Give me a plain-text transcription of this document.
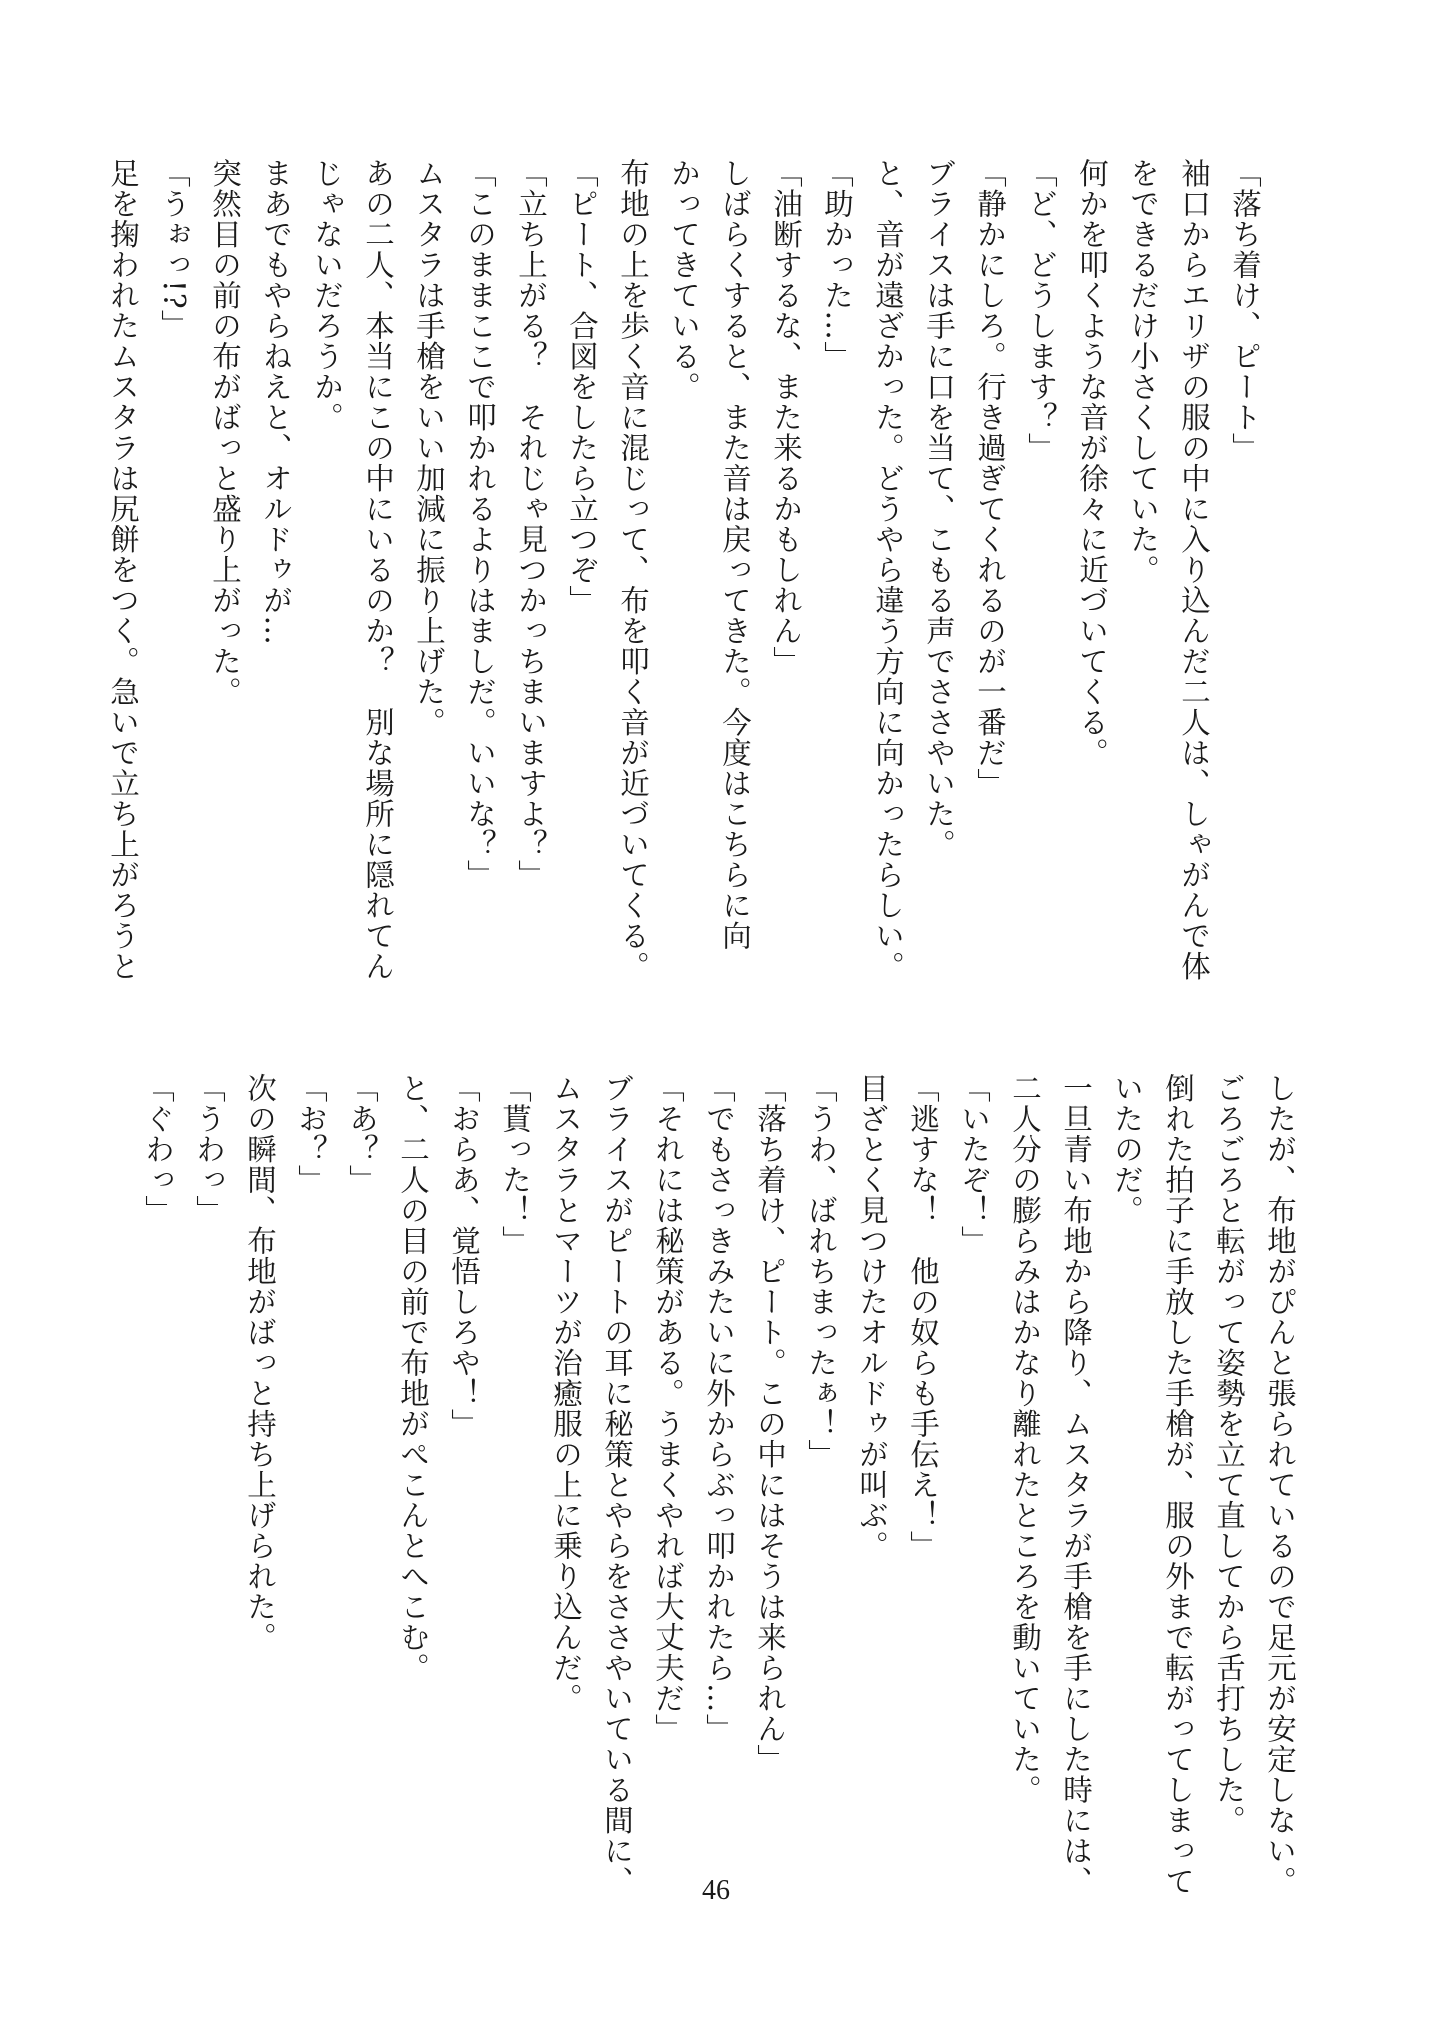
「落ち着け、ピート」

袖口からエリザの服の中に入り込んだ二人は、しゃがんで体

をできるだけ小さくしていた。

何かを叩くような音が徐々に近づいてくる。

「ど、どうします？」

「静かにしろ。行き過ぎてくれるのが一番だ」

ブライスは手に口を当て、こもる声でささやいた。

と、音が遠ざかった。どうやら違う方向に向かったらしい。

「助かった…」

「油断するな、また来るかもしれん」

しばらくすると、また音は戻ってきた。今度はこちらに向

かってきている。

布地の上を歩く音に混じって、布を叩く音が近づいてくる。

「ピート、合図をしたら立つぞ」

「立ち上がる？　それじゃ見つかっちまいますよ？」

「このままここで叩かれるよりはましだ。いいな？」

ムスタラは手槍をいい加減に振り上げた。

あの二人、本当にこの中にいるのか？　別な場所に隠れてん

じゃないだろうか。

まあでもやらねえと、オルドゥが…

突然目の前の布がばっと盛り上がった。

「うぉっ!?」

足を掬われたムスタラは尻餅をつく。急いで立ち上がろうと

したが、布地がぴんと張られているので足元が安定しない。

ごろごろと転がって姿勢を立て直してから舌打ちした。

倒れた拍子に手放した手槍が、服の外まで転がってしまって

いたのだ。

一旦青い布地から降り、ムスタラが手槍を手にした時には、

二人分の膨らみはかなり離れたところを動いていた。

「いたぞ！」

「逃すな！　他の奴らも手伝え！」

目ざとく見つけたオルドゥが叫ぶ。

「うわ、ばれちまったぁ！」

「落ち着け、ピート。この中にはそうは来られん」

「でもさっきみたいに外からぶっ叩かれたら…」

「それには秘策がある。うまくやれば大丈夫だ」

ブライスがピートの耳に秘策とやらをささやいている間に、

ムスタラとマーツが治癒服の上に乗り込んだ。

「貰った！」

「おらあ、覚悟しろや！」

と、二人の目の前で布地がぺこんとへこむ。

「あ？」

「お？」

次の瞬間、布地がばっと持ち上げられた。

「うわっ」

「ぐわっ」

46
